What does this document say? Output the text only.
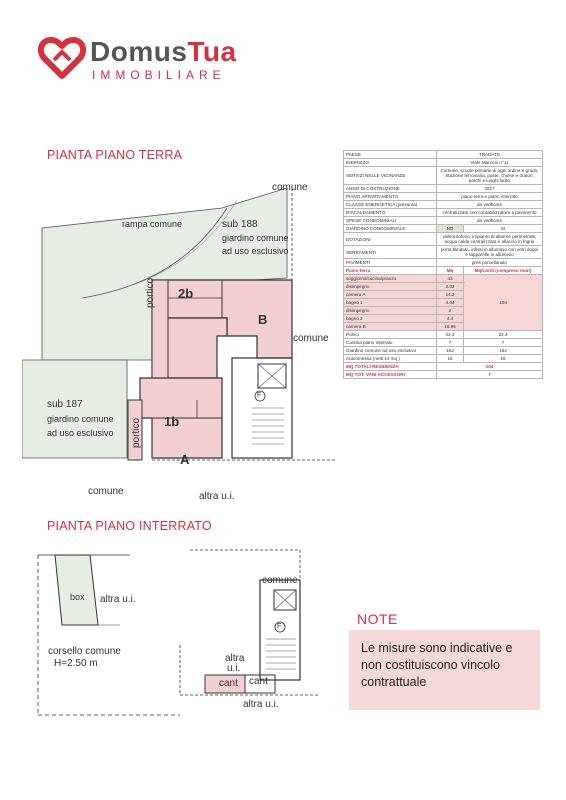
DomusTua
IMMOBILIARE
PIANTA PIANO TERRA
PIANTA PIANO INTERRATO
comune
rampa comune	sub 188
giardino comune
ad uso esclusivo
portico 2b
B
comune
sub 187
giardino comune
ad uso esclusivo portico 1b
A
comune	altra u.i.
F
box altra u.i.
corsello comune
H=2.50 m
comune
altra
u.i.
cant cant
altra u.i.
F
PAESE	TRADATE	
INDIRIZZO	Viale Marconi n°11	
SERVIZI NELLE VICINANZE	Comune, scuole primarie di ogni ordine e grado, Stazione ferroviaria, poste, chiese e oratori, parchi e luoghi ludici	
ANNO DI COSTRUZIONE	2017	
PIANO APPARTAMENTO	piano terra e piano interrato	
CLASSE ENERGETICA (presunta)	da verificare	
RISCALDAMENTO	centralizzato con contabilizzatore a pavimento	
SPESE CONDOMINIALI	da verificare	
GIARDINO CONDOMINIALE	NO	SI
DOTAZIONI	videocitofono, impianto di allarme perimetrale, acqua calda centralizzata e allaccio in fogna	
SERRAMENTI	porta blindata, infissi in alluminio con vetri doppi e tapparelle in alluminio	
PAVIMENTI	gres porcellanato	
Piano terra	Mq	Mq/Lordi (compreso muri)
soggiorno/cucina/pranzo	42	104
disimpegno	2.32	
camera A	14.2	
bagno 1	4.64	
disimpegno	2	
bagno 2	4.4	
camera B	16.96	
Portici	22.4	22.4
Cantina piano interrato	7	7
Giardino comune ad uso esclusivo	152	152
Autorimessa (netti 14 mq )	16	16
MQ TOTALI RESIDENZA	104	
MQ TOT. VANI ACCESSORI	7	
NOTE
Le misure sono indicative e non costituiscono vincolo contrattuale
